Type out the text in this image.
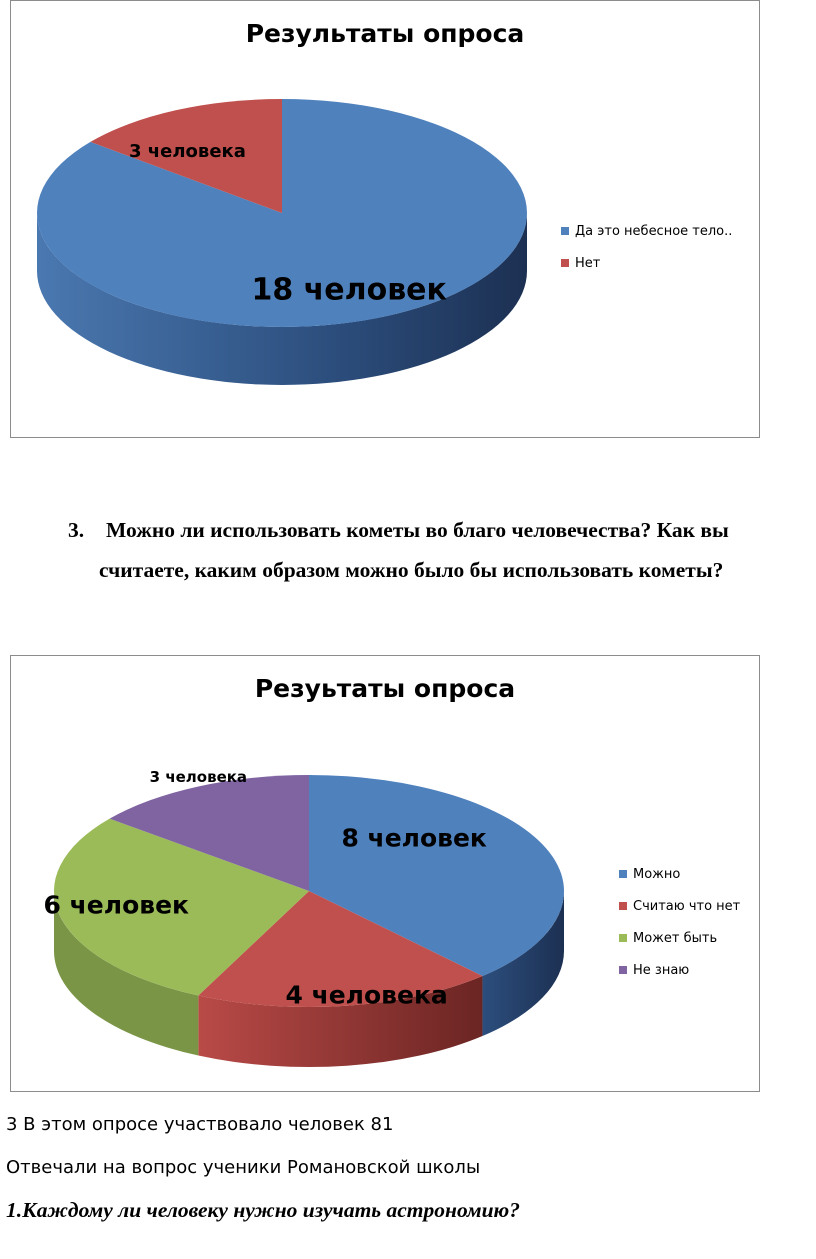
Результаты опроса
18 человек
3 человека
Да это небесное тело..
Нет
3. Можно ли использовать кометы во благо человечества? Как вы
считаете, каким образом можно было бы использовать кометы?
Резуьтаты опроса
8 человек
4 человека
6 человек
3 человека
Можно
Считаю что нет
Может быть
Не знаю
3 В этом опросе участвовало человек 81
Отвечали на вопрос ученики Романовской школы
1.Каждому ли человеку нужно изучать астрономию?
